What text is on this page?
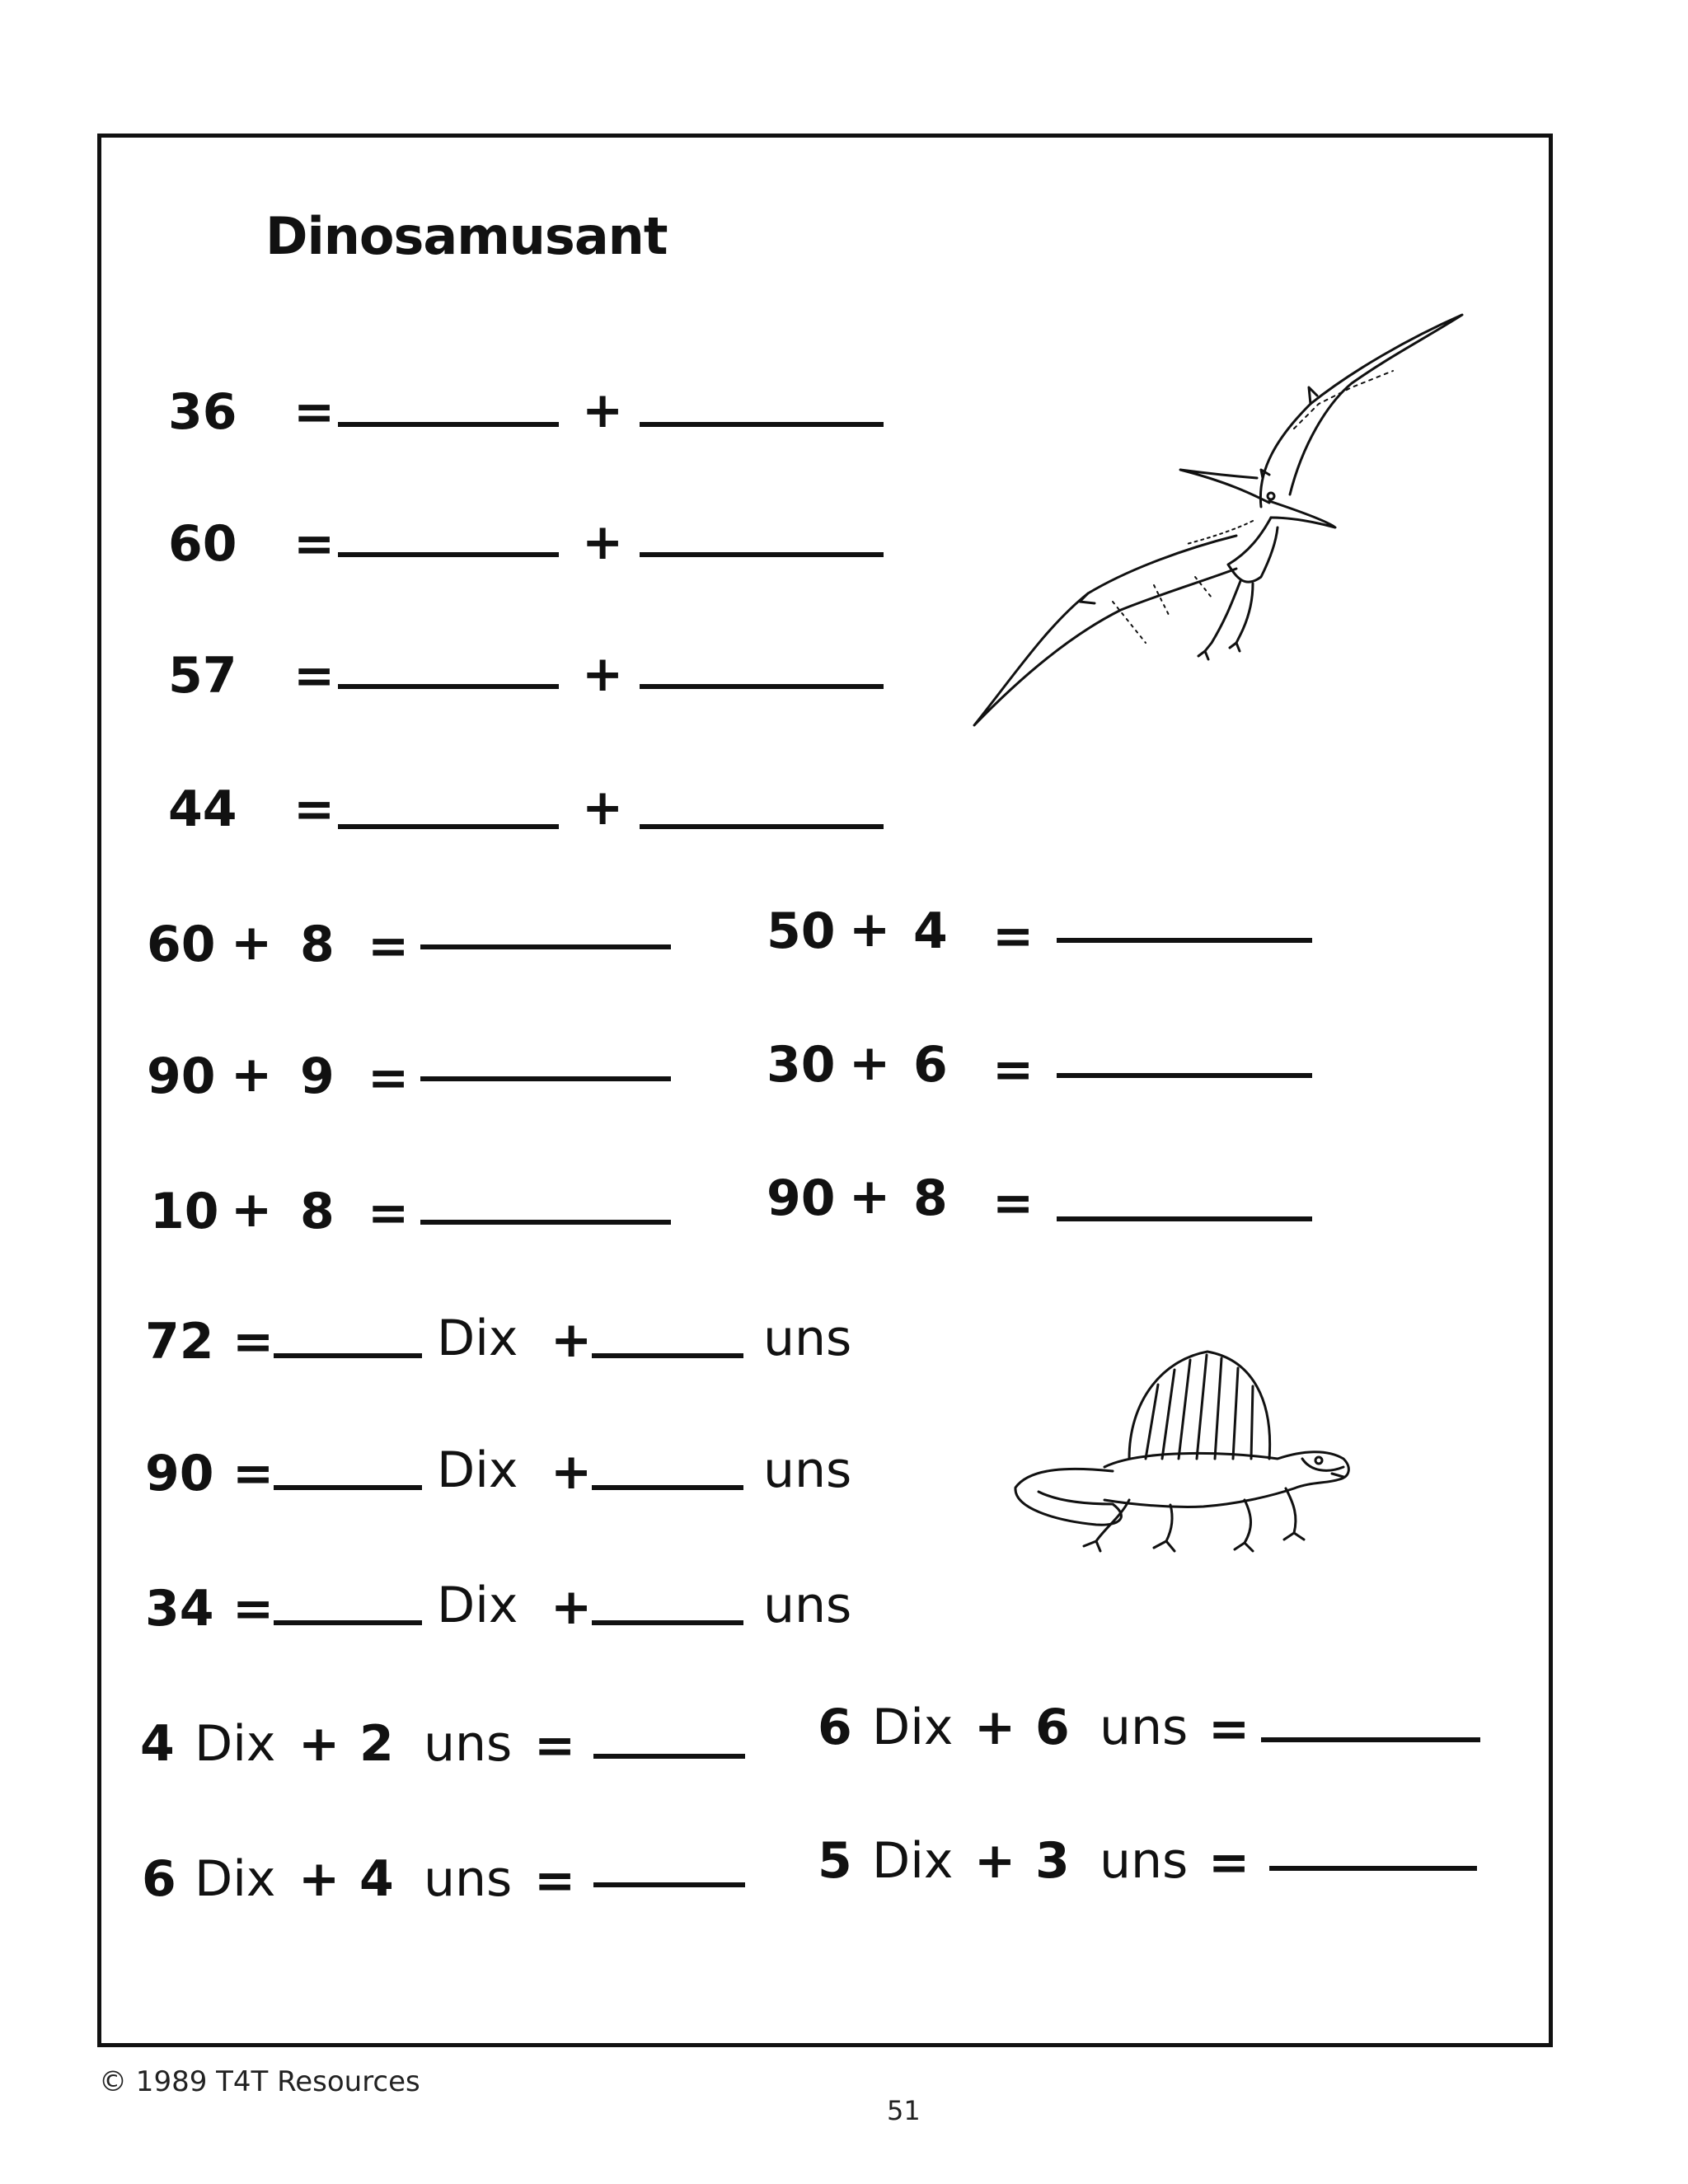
Dinosamusant
36 =	+
60 =	+
57 =	+
44 =	+
60 + 8 =	50 + 4 =
90 + 9 =	30 + 6 =
10 + 8 =	90 + 8 =
72 =	Dix +	uns
90 =	Dix +	uns
34 =	Dix +	uns
4 Dix + 2 uns =	6 Dix + 6 uns =
6 Dix + 4 uns =	5 Dix + 3 uns =
© 1989 T4T Resources
51
